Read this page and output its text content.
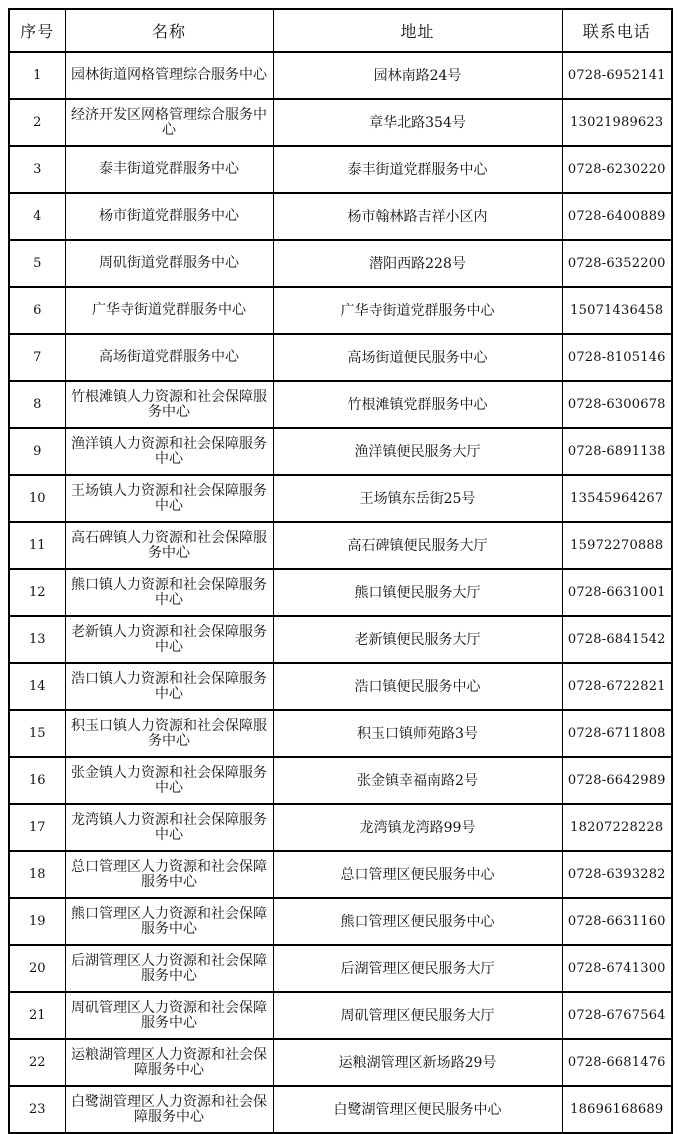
序号	名称	地址	联系电话
1	园林街道网格管理综合服务中心	园林南路24号	0728-6952141
2	经济开发区网格管理综合服务中心	章华北路354号	13021989623
3	泰丰街道党群服务中心	泰丰街道党群服务中心	0728-6230220
4	杨市街道党群服务中心	杨市翰林路吉祥小区内	0728-6400889
5	周矶街道党群服务中心	潜阳西路228号	0728-6352200
6	广华寺街道党群服务中心	广华寺街道党群服务中心	15071436458
7	高场街道党群服务中心	高场街道便民服务中心	0728-8105146
8	竹根滩镇人力资源和社会保障服务中心	竹根滩镇党群服务中心	0728-6300678
9	渔洋镇人力资源和社会保障服务中心	渔洋镇便民服务大厅	0728-6891138
10	王场镇人力资源和社会保障服务中心	王场镇东岳街25号	13545964267
11	高石碑镇人力资源和社会保障服务中心	高石碑镇便民服务大厅	15972270888
12	熊口镇人力资源和社会保障服务中心	熊口镇便民服务大厅	0728-6631001
13	老新镇人力资源和社会保障服务中心	老新镇便民服务大厅	0728-6841542
14	浩口镇人力资源和社会保障服务中心	浩口镇便民服务中心	0728-6722821
15	积玉口镇人力资源和社会保障服务中心	积玉口镇师苑路3号	0728-6711808
16	张金镇人力资源和社会保障服务中心	张金镇幸福南路2号	0728-6642989
17	龙湾镇人力资源和社会保障服务中心	龙湾镇龙湾路99号	18207228228
18	总口管理区人力资源和社会保障服务中心	总口管理区便民服务中心	0728-6393282
19	熊口管理区人力资源和社会保障服务中心	熊口管理区便民服务中心	0728-6631160
20	后湖管理区人力资源和社会保障服务中心	后湖管理区便民服务大厅	0728-6741300
21	周矶管理区人力资源和社会保障服务中心	周矶管理区便民服务大厅	0728-6767564
22	运粮湖管理区人力资源和社会保障服务中心	运粮湖管理区新场路29号	0728-6681476
23	白鹭湖管理区人力资源和社会保障服务中心	白鹭湖管理区便民服务中心	18696168689
